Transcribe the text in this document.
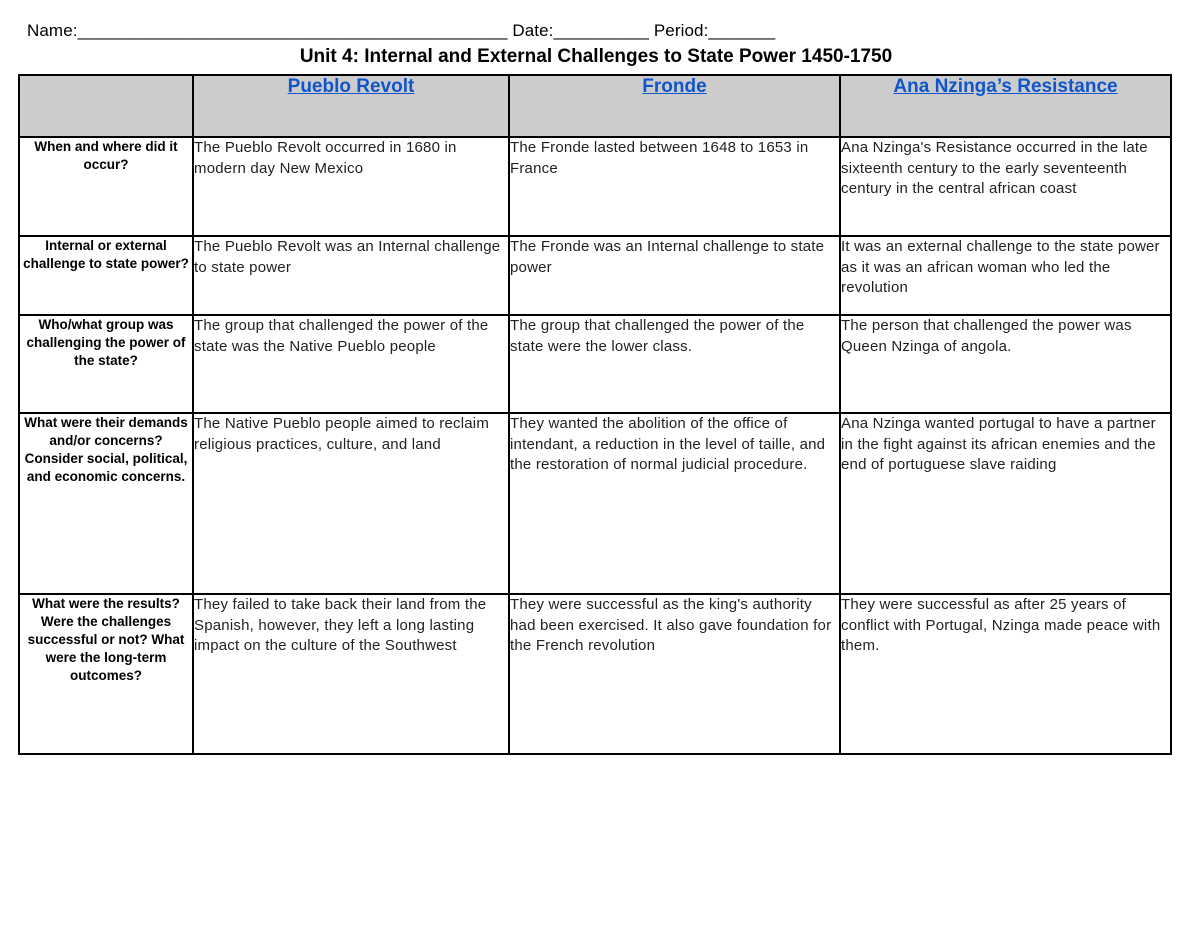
Name:_____________________________________________ Date:__________ Period:_______
Unit 4: Internal and External Challenges to State Power 1450-1750
	Pueblo Revolt	Fronde	Ana Nzinga’s Resistance
When and where did it occur?	The Pueblo Revolt occurred in 1680 in modern day New Mexico	The Fronde lasted between 1648 to 1653 in France	Ana Nzinga's Resistance occurred in the late sixteenth century to the early seventeenth century in the central african coast
Internal or external challenge to state power?	The Pueblo Revolt was an Internal challenge to state power	The Fronde was an Internal challenge to state power	It was an external challenge to the state power as it was an african woman who led the revolution
Who/what group was challenging the power of the state?	The group that challenged the power of the state was the Native Pueblo people	The group that challenged the power of the state were the lower class.	The person that challenged the power was Queen Nzinga of angola.
What were their demands and/or concerns? Consider social, political, and economic concerns.	The Native Pueblo people aimed to reclaim religious practices, culture, and land	They wanted the abolition of the office of intendant, a reduction in the level of taille, and the restoration of normal judicial procedure.	Ana Nzinga wanted portugal to have a partner in the fight against its african enemies and the end of portuguese slave raiding
What were the results? Were the challenges successful or not? What were the long-term outcomes?	They failed to take back their land from the Spanish, however, they left a long lasting impact on the culture of the Southwest	They were successful as the king's authority had been exercised. It also gave foundation for the French revolution	They were successful as after 25 years of conflict with Portugal, Nzinga made peace with them.
